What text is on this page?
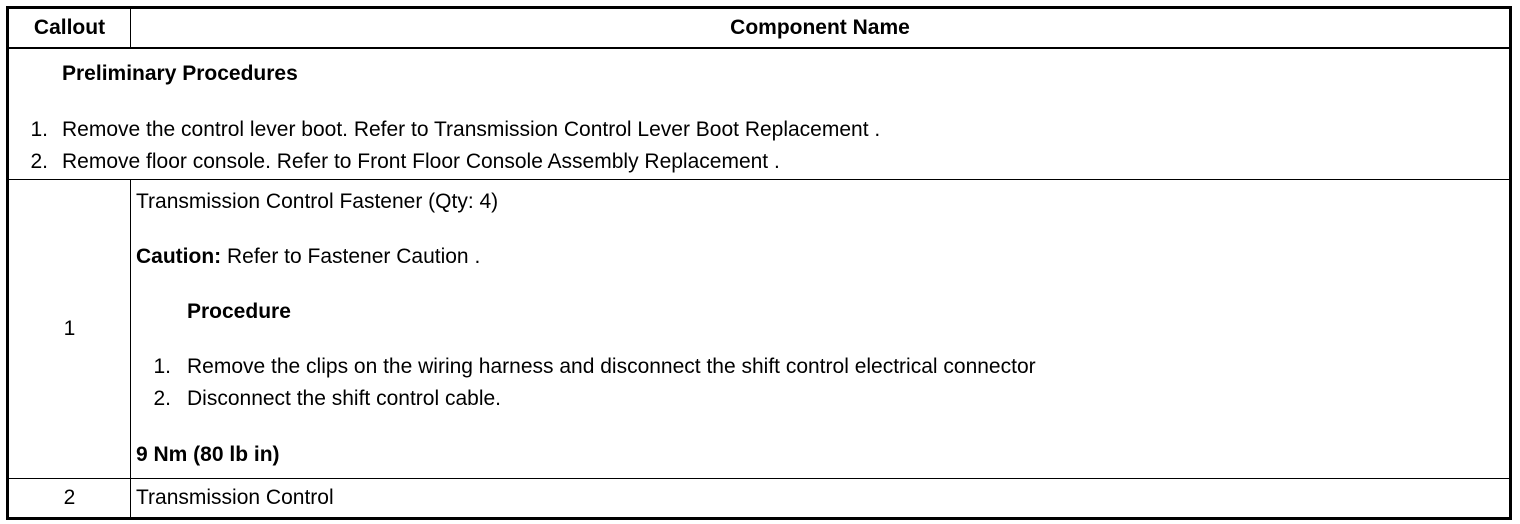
Callout	Component Name
Preliminary Procedures
1. Remove the control lever boot. Refer to Transmission Control Lever Boot Replacement .
2. Remove floor console. Refer to Front Floor Console Assembly Replacement .
1
Transmission Control Fastener (Qty: 4)
Caution: Refer to Fastener Caution .
Procedure
1. Remove the clips on the wiring harness and disconnect the shift control electrical connector
2. Disconnect the shift control cable.
9 Nm (80 lb in)
2	Transmission Control
